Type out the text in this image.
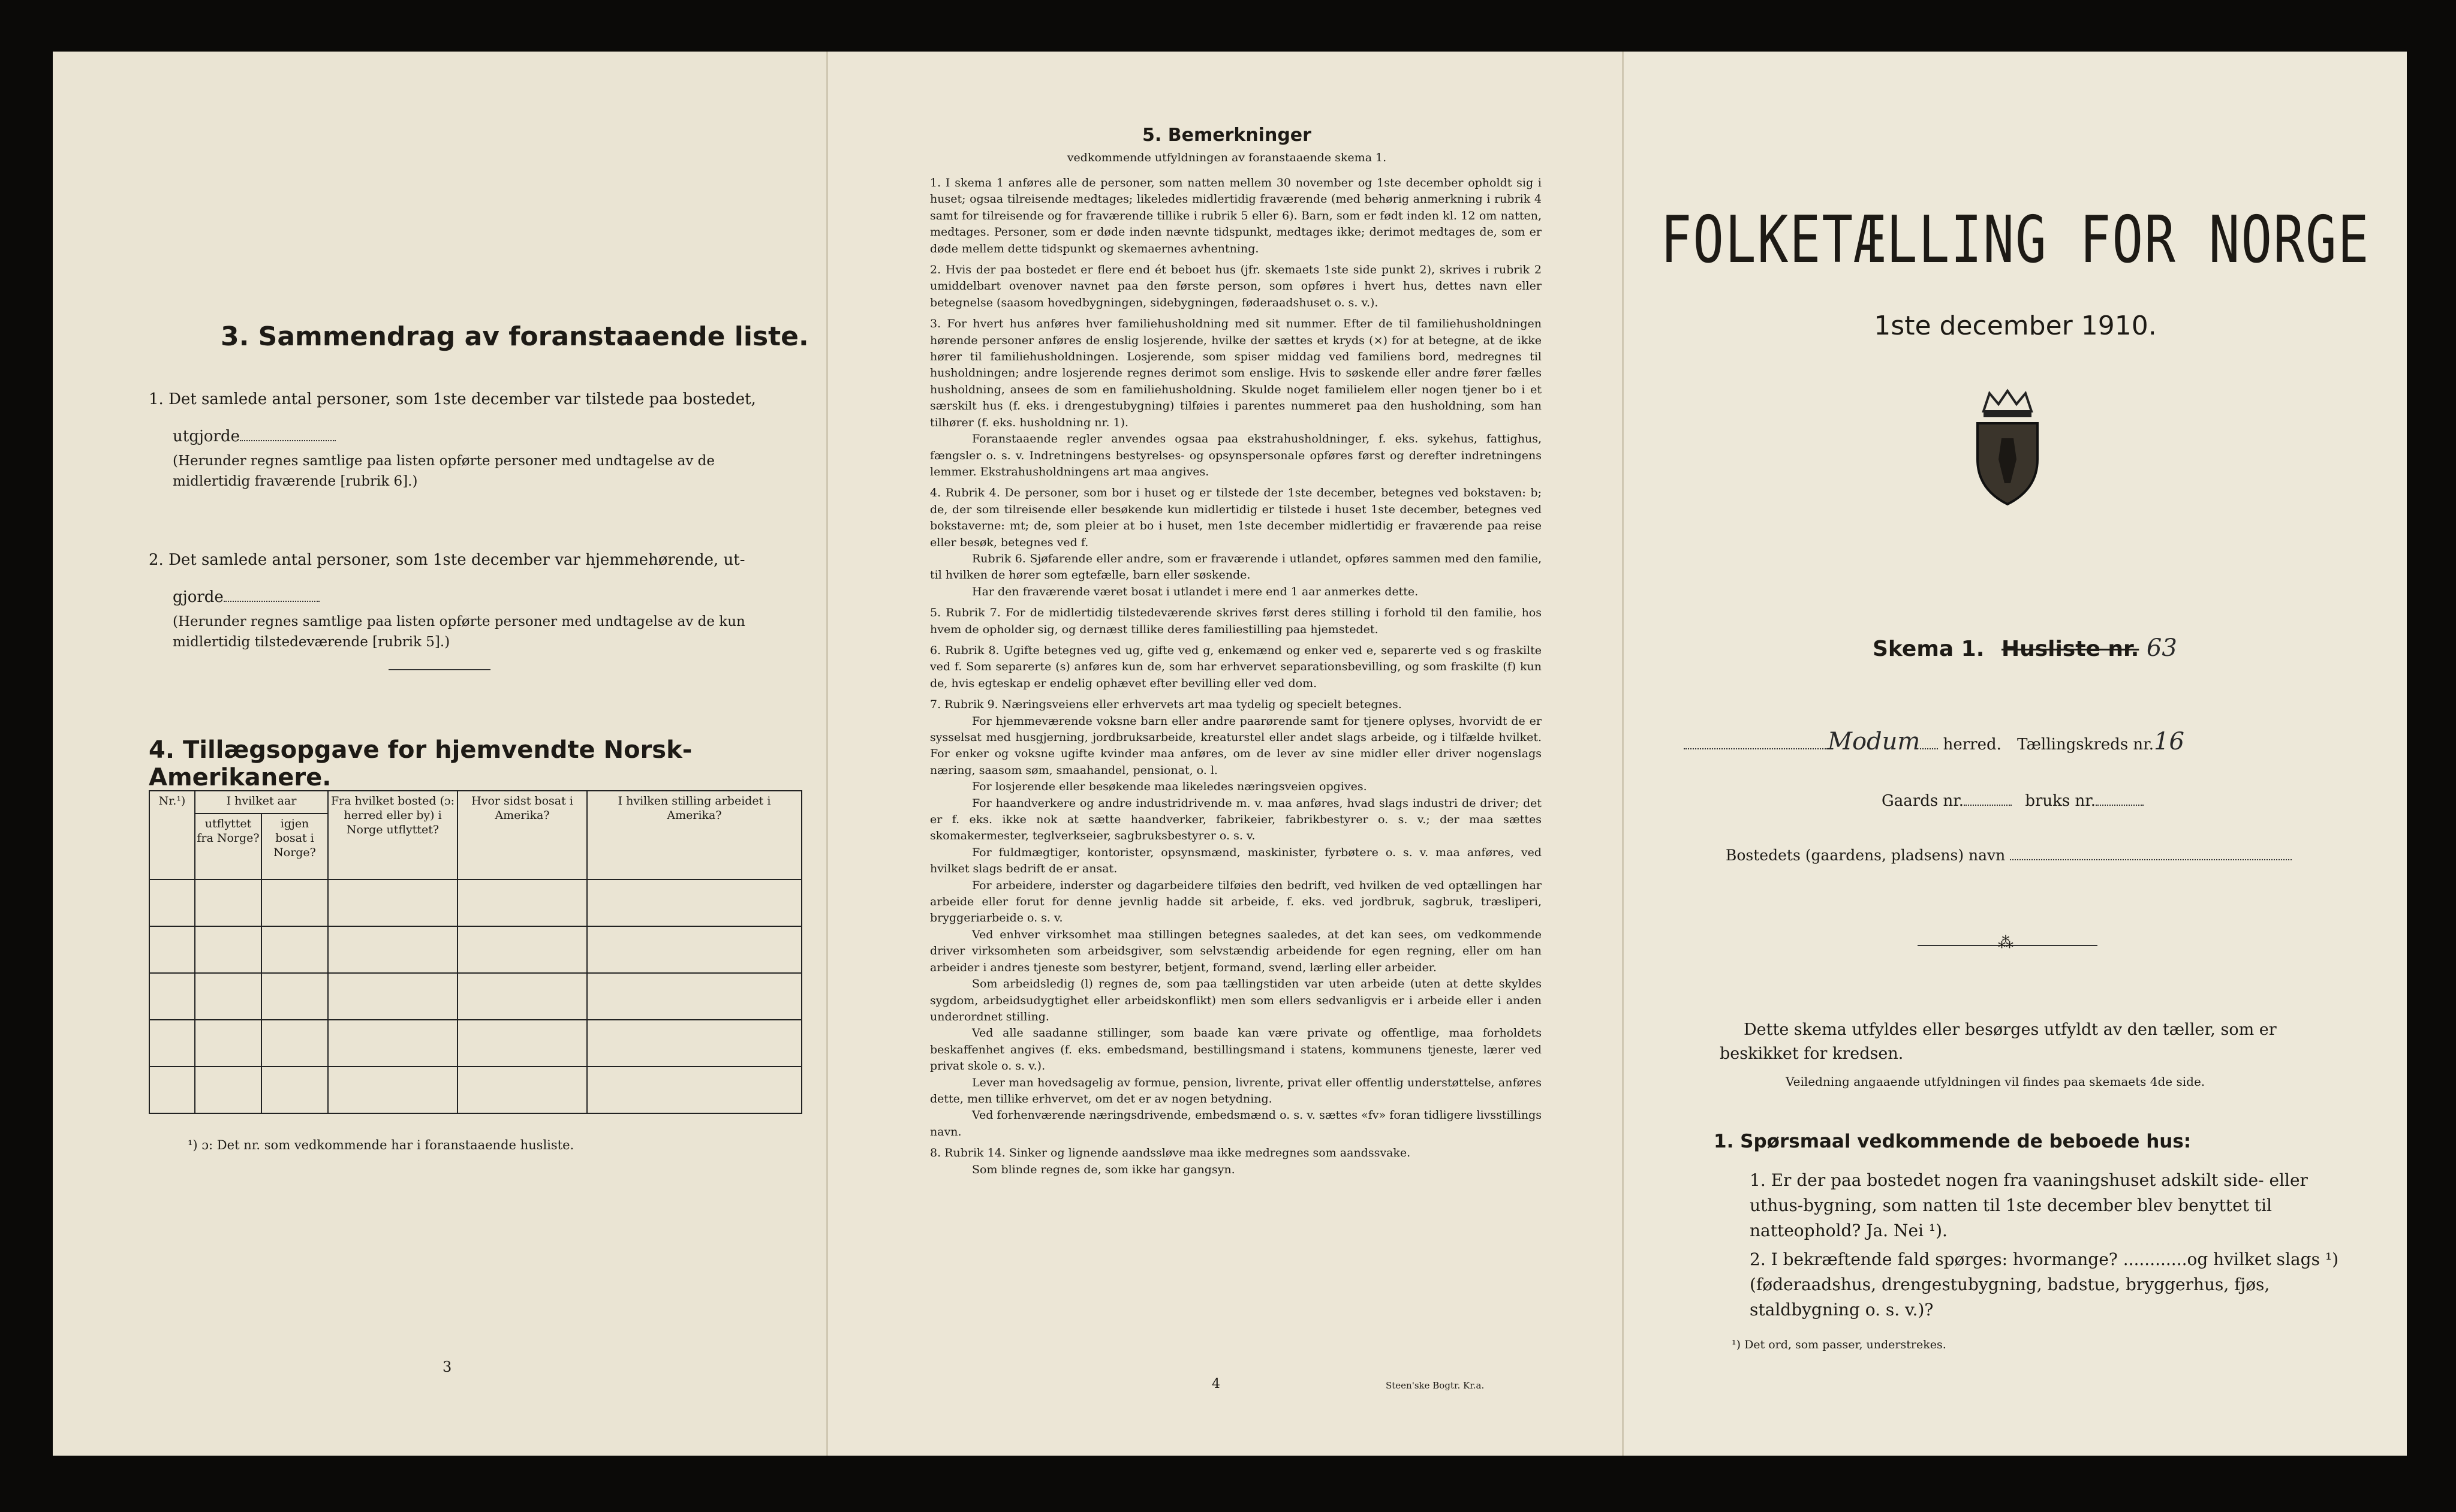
3. Sammendrag av foranstaaende liste.
1. Det samlede antal personer, som 1ste december var tilstede paa bostedet,
utgjorde
(Herunder regnes samtlige paa listen opførte personer med undtagelse av de midlertidig fraværende [rubrik 6].)
2. Det samlede antal personer, som 1ste december var hjemmehørende, ut-
gjorde
(Herunder regnes samtlige paa listen opførte personer med undtagelse av de kun midlertidig tilstedeværende [rubrik 5].)
4. Tillægsopgave for hjemvendte Norsk-Amerikanere.
Nr.¹)	I hvilket aar		Fra hvilket bosted (ɔ: herred eller by) i Norge utflyttet?	Hvor sidst bosat i Amerika?	I hvilken stilling arbeidet i Amerika?
	utflyttet fra Norge?	igjen bosat i Norge?			

¹) ɔ: Det nr. som vedkommende har i foranstaaende husliste.
3
5. Bemerkninger
vedkommende utfyldningen av foranstaaende skema 1.

1. I skema 1 anføres alle de personer, som natten mellem 30 november og 1ste december opholdt sig i huset; ogsaa tilreisende medtages; likeledes midlertidig fraværende (med behørig anmerkning i rubrik 4 samt for tilreisende og for fraværende tillike i rubrik 5 eller 6). Barn, som er født inden kl. 12 om natten, medtages. Personer, som er døde inden nævnte tidspunkt, medtages ikke; derimot medtages de, som er døde mellem dette tidspunkt og skemaernes avhentning.

2. Hvis der paa bostedet er flere end ét beboet hus (jfr. skemaets 1ste side punkt 2), skrives i rubrik 2 umiddelbart ovenover navnet paa den første person, som opføres i hvert hus, dettes navn eller betegnelse (saasom hovedbygningen, sidebygningen, føderaadshuset o. s. v.).

3. For hvert hus anføres hver familiehusholdning med sit nummer. Efter de til familiehusholdningen hørende personer anføres de enslig losjerende, hvilke der sættes et kryds (×) for at betegne, at de ikke hører til familiehusholdningen. Losjerende, som spiser middag ved familiens bord, medregnes til husholdningen; andre losjerende regnes derimot som enslige. Hvis to søskende eller andre fører fælles husholdning, ansees de som en familiehusholdning. Skulde noget familielem eller nogen tjener bo i et særskilt hus (f. eks. i drengestubygning) tilføies i parentes nummeret paa den husholdning, som han tilhører (f. eks. husholdning nr. 1).

Foranstaaende regler anvendes ogsaa paa ekstrahusholdninger, f. eks. sykehus, fattighus, fængsler o. s. v. Indretningens bestyrelses- og opsynspersonale opføres først og derefter indretningens lemmer. Ekstrahusholdningens art maa angives.

4. Rubrik 4. De personer, som bor i huset og er tilstede der 1ste december, betegnes ved bokstaven: b; de, der som tilreisende eller besøkende kun midlertidig er tilstede i huset 1ste december, betegnes ved bokstaverne: mt; de, som pleier at bo i huset, men 1ste december midlertidig er fraværende paa reise eller besøk, betegnes ved f.

Rubrik 6. Sjøfarende eller andre, som er fraværende i utlandet, opføres sammen med den familie, til hvilken de hører som egtefælle, barn eller søskende.

Har den fraværende været bosat i utlandet i mere end 1 aar anmerkes dette.

5. Rubrik 7. For de midlertidig tilstedeværende skrives først deres stilling i forhold til den familie, hos hvem de opholder sig, og dernæst tillike deres familiestilling paa hjemstedet.

6. Rubrik 8. Ugifte betegnes ved ug, gifte ved g, enkemænd og enker ved e, separerte ved s og fraskilte ved f. Som separerte (s) anføres kun de, som har erhvervet separationsbevilling, og som fraskilte (f) kun de, hvis egteskap er endelig ophævet efter bevilling eller ved dom.

7. Rubrik 9. Næringsveiens eller erhvervets art maa tydelig og specielt betegnes.

For hjemmeværende voksne barn eller andre paarørende samt for tjenere oplyses, hvorvidt de er sysselsat med husgjerning, jordbruksarbeide, kreaturstel eller andet slags arbeide, og i tilfælde hvilket. For enker og voksne ugifte kvinder maa anføres, om de lever av sine midler eller driver nogenslags næring, saasom søm, smaahandel, pensionat, o. l.

For losjerende eller besøkende maa likeledes næringsveien opgives.

For haandverkere og andre industridrivende m. v. maa anføres, hvad slags industri de driver; det er f. eks. ikke nok at sætte haandverker, fabrikeier, fabrikbestyrer o. s. v.; der maa sættes skomakermester, teglverkseier, sagbruksbestyrer o. s. v.

For fuldmægtiger, kontorister, opsynsmænd, maskinister, fyrbøtere o. s. v. maa anføres, ved hvilket slags bedrift de er ansat.

For arbeidere, inderster og dagarbeidere tilføies den bedrift, ved hvilken de ved optællingen har arbeide eller forut for denne jevnlig hadde sit arbeide, f. eks. ved jordbruk, sagbruk, træsliperi, bryggeriarbeide o. s. v.

Ved enhver virksomhet maa stillingen betegnes saaledes, at det kan sees, om vedkommende driver virksomheten som arbeidsgiver, som selvstændig arbeidende for egen regning, eller om han arbeider i andres tjeneste som bestyrer, betjent, formand, svend, lærling eller arbeider.

Som arbeidsledig (l) regnes de, som paa tællingstiden var uten arbeide (uten at dette skyldes sygdom, arbeidsudygtighet eller arbeidskonflikt) men som ellers sedvanligvis er i arbeide eller i anden underordnet stilling.

Ved alle saadanne stillinger, som baade kan være private og offentlige, maa forholdets beskaffenhet angives (f. eks. embedsmand, bestillingsmand i statens, kommunens tjeneste, lærer ved privat skole o. s. v.).

Lever man hovedsagelig av formue, pension, livrente, privat eller offentlig understøttelse, anføres dette, men tillike erhvervet, om det er av nogen betydning.

Ved forhenværende næringsdrivende, embedsmænd o. s. v. sættes «fv» foran tidligere livsstillings navn.

8. Rubrik 14. Sinker og lignende aandssløve maa ikke medregnes som aandssvake.

Som blinde regnes de, som ikke har gangsyn.

4	Steen'ske Bogtr. Kr.a.
FOLKETÆLLING FOR NORGE
1ste december 1910.
Skema 1. Husliste nr. 63
Modum herred. Tællingskreds nr.16
Gaards nr.	bruks nr.
Bostedets (gaardens, pladsens) navn
⁂
Dette skema utfyldes eller besørges utfyldt av den tæller, som er beskikket for kredsen.
Veiledning angaaende utfyldningen vil findes paa skemaets 4de side.
1. Spørsmaal vedkommende de beboede hus:
1. Er der paa bostedet nogen fra vaaningshuset adskilt side- eller uthus-bygning, som natten til 1ste december blev benyttet til natteophold? Ja. Nei ¹).
2. I bekræftende fald spørges: hvormange? ............og hvilket slags ¹) (føderaadshus, drengestubygning, badstue, bryggerhus, fjøs, staldbygning o. s. v.)?
¹) Det ord, som passer, understrekes.
